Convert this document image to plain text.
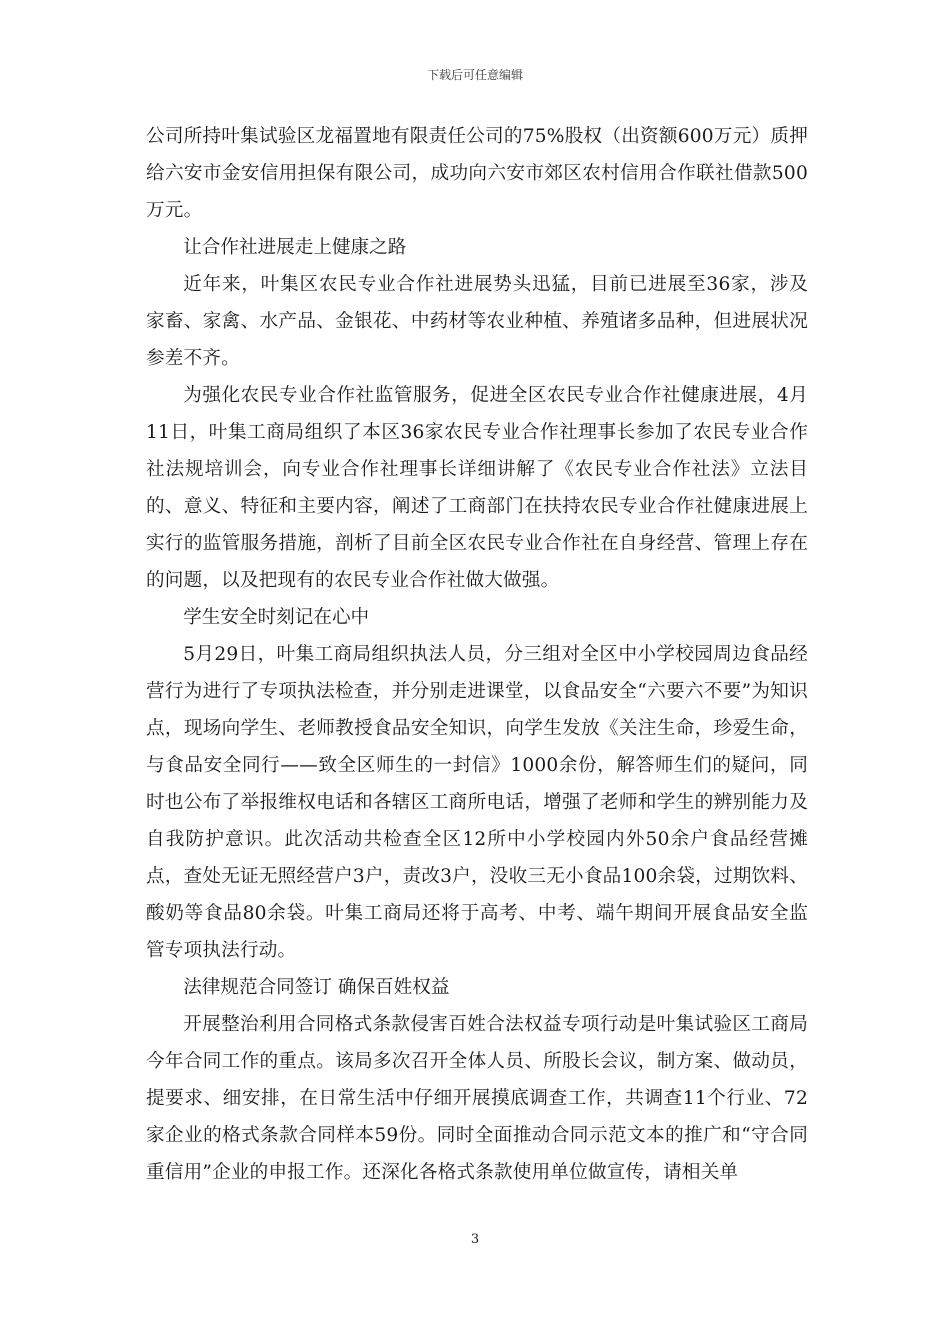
下载后可任意编辑

公司所持叶集试验区龙福置地有限责任公司的75%股权（出资额600万元）质押给六安市金安信用担保有限公司，成功向六安市郊区农村信用合作联社借款500万元。

让合作社进展走上健康之路

近年来，叶集区农民专业合作社进展势头迅猛，目前已进展至36家，涉及家畜、家禽、水产品、金银花、中药材等农业种植、养殖诸多品种，但进展状况参差不齐。

为强化农民专业合作社监管服务，促进全区农民专业合作社健康进展，4月11日，叶集工商局组织了本区36家农民专业合作社理事长参加了农民专业合作社法规培训会，向专业合作社理事长详细讲解了《农民专业合作社法》立法目的、意义、特征和主要内容，阐述了工商部门在扶持农民专业合作社健康进展上实行的监管服务措施，剖析了目前全区农民专业合作社在自身经营、管理上存在的问题，以及把现有的农民专业合作社做大做强。

学生安全时刻记在心中

5月29日，叶集工商局组织执法人员，分三组对全区中小学校园周边食品经营行为进行了专项执法检查，并分别走进课堂，以食品安全“六要六不要”为知识点，现场向学生、老师教授食品安全知识，向学生发放《关注生命，珍爱生命，与食品安全同行——致全区师生的一封信》1000余份，解答师生们的疑问，同时也公布了举报维权电话和各辖区工商所电话，增强了老师和学生的辨别能力及自我防护意识。此次活动共检查全区12所中小学校园内外50余户食品经营摊点，查处无证无照经营户3户，责改3户，没收三无小食品100余袋，过期饮料、酸奶等食品80余袋。叶集工商局还将于高考、中考、端午期间开展食品安全监管专项执法行动。

法律规范合同签订 确保百姓权益

开展整治利用合同格式条款侵害百姓合法权益专项行动是叶集试验区工商局今年合同工作的重点。该局多次召开全体人员、所股长会议，制方案、做动员，提要求、细安排，在日常生活中仔细开展摸底调查工作，共调查11个行业、72家企业的格式条款合同样本59份。同时全面推动合同示范文本的推广和“守合同重信用”企业的申报工作。还深化各格式条款使用单位做宣传，请相关单

3
